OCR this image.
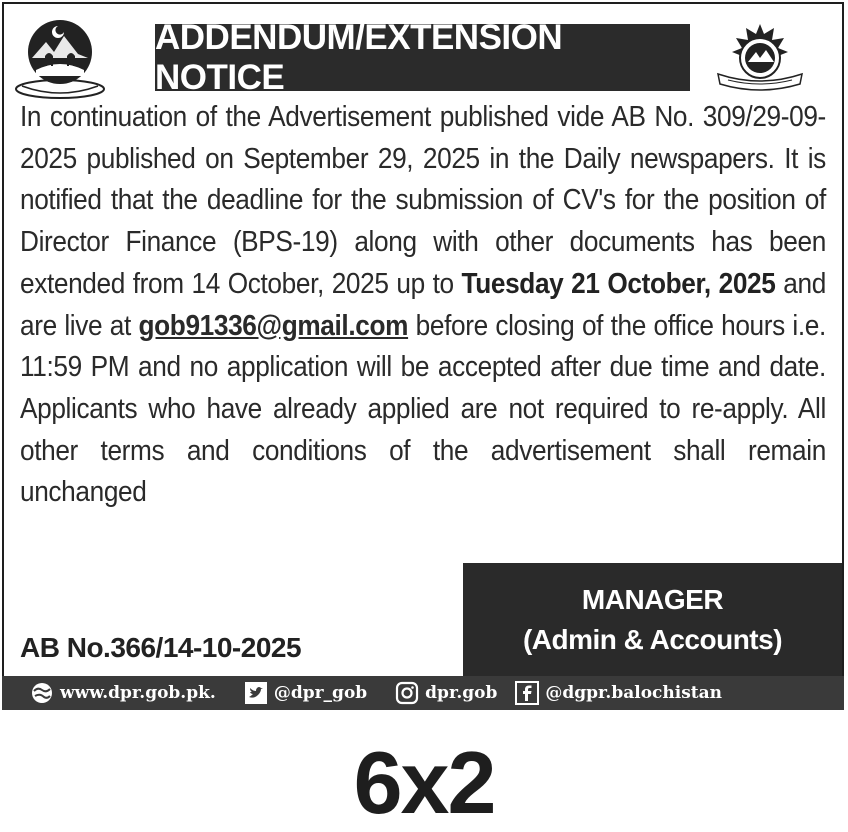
ADDENDUM/EXTENSION NOTICE
In continuation of the Advertisement published vide AB No. 309/29-09-2025 published on September 29, 2025 in the Daily newspapers. It is notified that the deadline for the submission of CV's for the position of Director Finance (BPS-19) along with other documents has been extended from 14 October, 2025 up to Tuesday 21 October, 2025 and are live at gob91336@gmail.com before closing of the office hours i.e. 11:59 PM and no application will be accepted after due time and date. Applicants who have already applied are not required to re-apply. All other terms and conditions of the advertisement shall remain unchanged
AB No.366/14-10-2025
MANAGER
(Admin & Accounts)
www.dpr.gob.pk.	@dpr_gob	dpr.gob	@dgpr.balochistan
6x2
